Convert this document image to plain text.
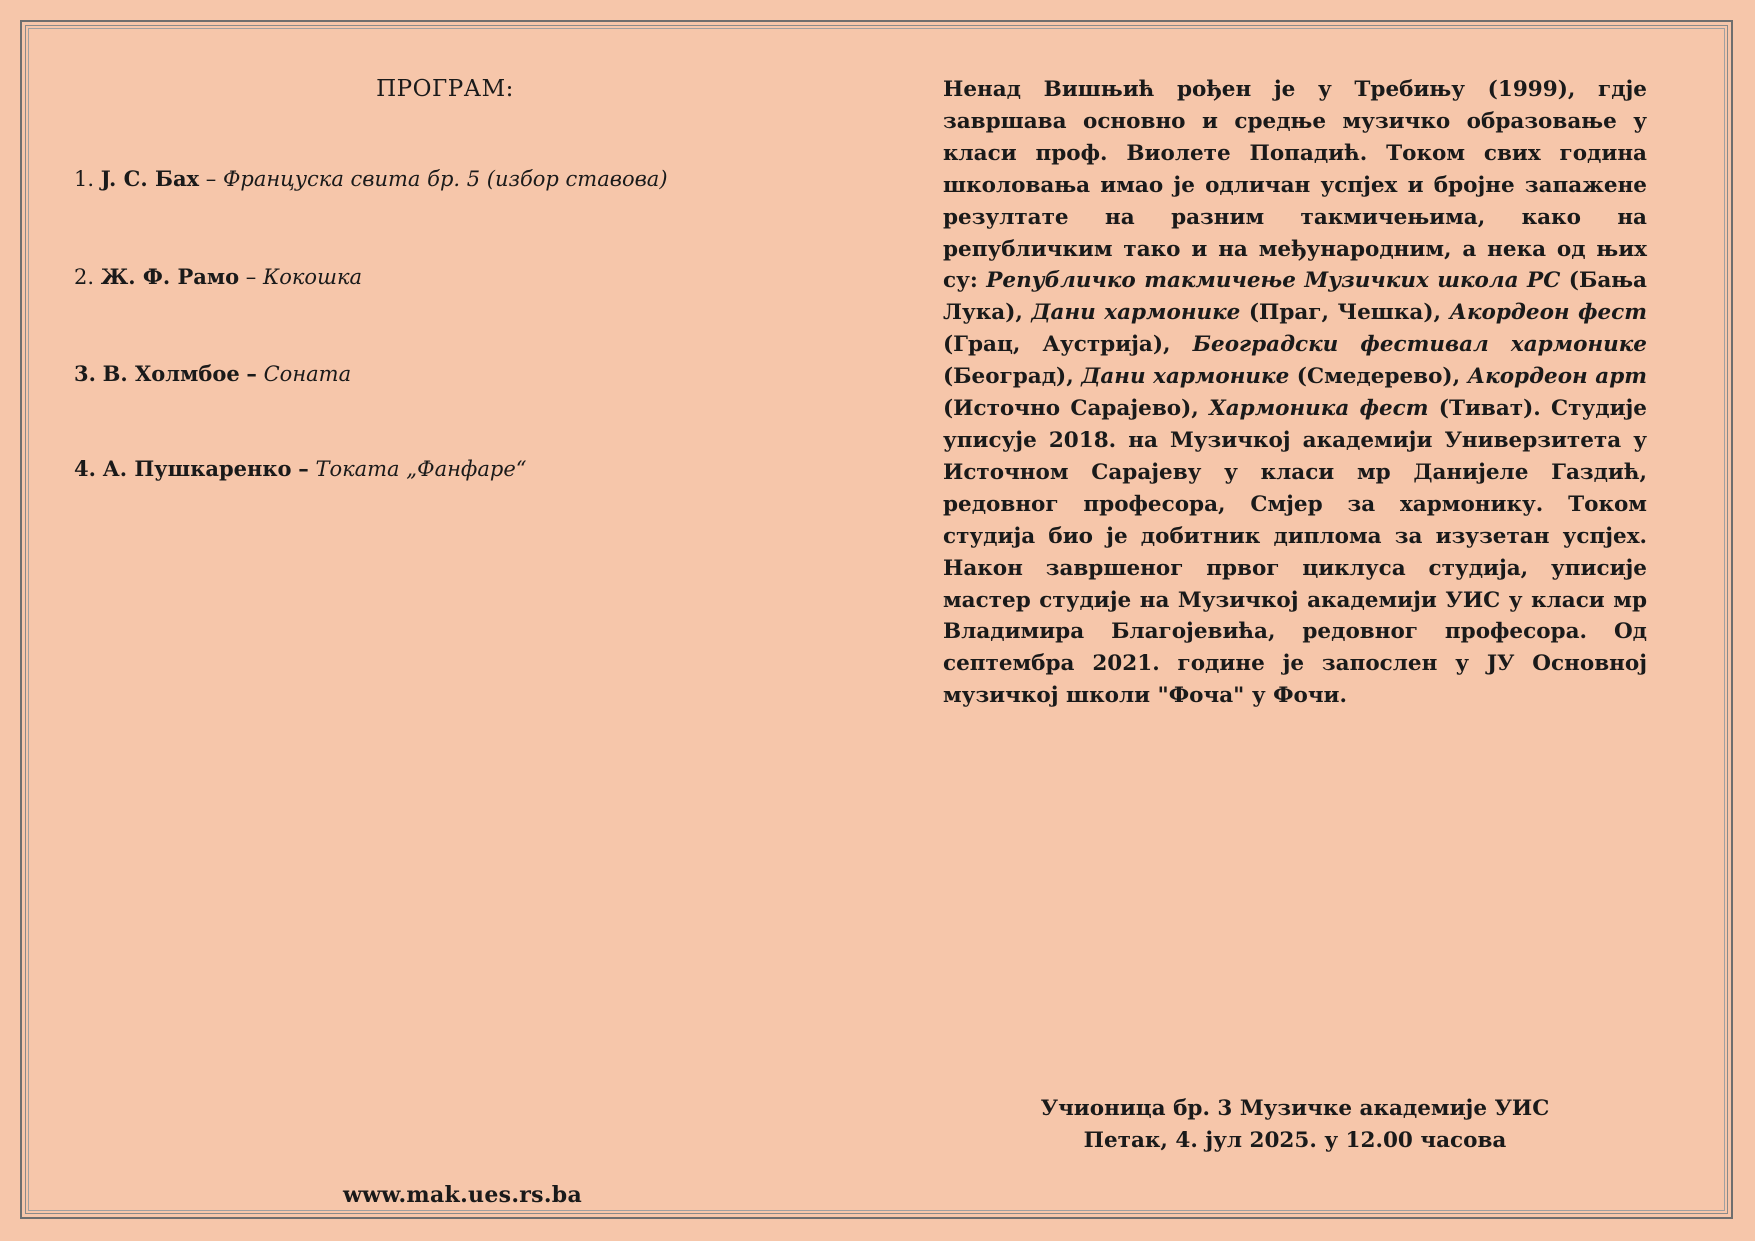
ПРОГРАМ:
1. J. С. Бах – Француска свита бр. 5 (избор ставова)
2. Ж. Ф. Рамо – Кокошка
3. В. Холмбое – Соната
4. А. Пушкаренко – Токата „Фанфаре“
Ненад Вишњић рођен је у Требињу (1999), гдје завршава основно и средње музичко образовање у класи проф. Виолете Попадић. Током свих година школовања имао је одличан успјех и бројне запажене резултате на разним такмичењима, како на републичким тако и на међународним, а нека од њих су: Републичко такмичење Музичких школа РС (Бања Лука), Дани хармонике (Праг, Чешка), Акордеон фест (Грац, Аустрија), Београдски фестивал хармонике (Београд), Дани хармонике (Смедерево), Акордеон арт (Источно Сарајево), Хармоника фест (Тиват). Студије уписује 2018. на Музичкој академији Универзитета у Источном Сарајеву у класи мр Данијеле Газдић, редовног професора, Смјер за хармонику. Током студија био је добитник диплома за изузетан успјех. Након завршеног првог циклуса студија, уписије мастер студије на Музичкој академији УИС у класи мр Владимира Благојевића, редовног професора. Од септембра 2021. године је запослен у ЈУ Основној музичкој школи "Фоча" у Фочи.
Учионица бр. 3 Музичке академије УИС
Петак, 4. јул 2025. у 12.00 часова
www.mak.ues.rs.ba
